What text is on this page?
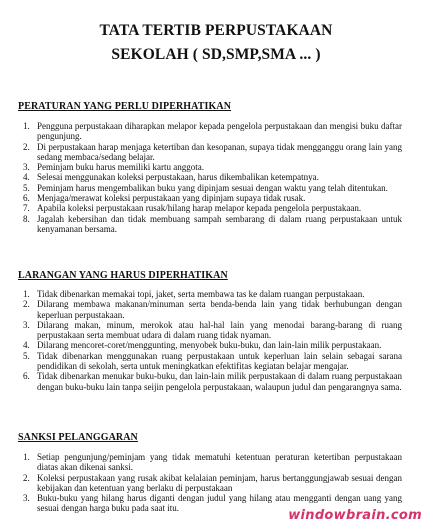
TATA TERTIB PERPUSTAKAAN
SEKOLAH ( SD,SMP,SMA ... )
PERATURAN YANG PERLU DIPERHATIKAN
1. Pengguna perpustakaan diharapkan melapor kepada pengelola perpustakaan dan mengisi buku daftar pengunjung.
2. Di perpustakaan harap menjaga ketertiban dan kesopanan, supaya tidak mengganggu orang lain yang sedang membaca/sedang belajar.
3. Peminjam buku harus memiliki kartu anggota.
4. Selesai menggunakan koleksi perpustakaan, harus dikembalikan ketempatnya.
5. Peminjam harus mengembalikan buku yang dipinjam sesuai dengan waktu yang telah ditentukan.
6. Menjaga/merawat koleksi perpustakaan yang dipinjam supaya tidak rusak.
7. Apabila koleksi perpustakaan rusak/hilang harap melapor kepada pengelola perpustakaan.
8. Jagalah kebersihan dan tidak membuang sampah sembarang di dalam ruang perpustakaan untuk kenyamanan bersama.
LARANGAN YANG HARUS DIPERHATIKAN
1. Tidak dibenarkan memakai topi, jaket, serta membawa tas ke dalam ruangan perpustakaan.
2. Dilarang membawa makanan/minuman serta benda-benda lain yang tidak berhubungan dengan keperluan perpustakaan.
3. Dilarang makan, minum, merokok atau hal-hal lain yang menodai barang-barang di ruang perpustakaan serta membuat udara di dalam ruang tidak nyaman.
4. Dilarang mencoret-coret/menggunting, menyobek buku-buku, dan lain-lain milik perpustakaan.
5. Tidak dibenarkan menggunakan ruang perpustakaan untuk keperluan lain selain sebagai sarana pendidikan di sekolah, serta untuk meningkatkan efektifitas kegiatan belajar mengajar.
6. Tidak dibenarkan menukar buku-buku, dan lain-lain milik perpustakaan di dalam ruang perpustakaan dengan buku-buku lain tanpa seijin pengelola perpustakaan, walaupun judul dan pengarangnya sama.
SANKSI PELANGGARAN
1. Setiap pengunjung/peminjam yang tidak mematuhi ketentuan peraturan ketertiban perpustakaan diatas akan dikenai sanksi.
2. Koleksi perpustakaan yang rusak akibat kelalaian peminjam, harus bertanggungjawab sesuai dengan kebijakan dan ketentuan yang berlaku di perpustakaan
3. Buku-buku yang hilang harus diganti dengan judul yang hilang atau mengganti dengan uang yang sesuai dengan harga buku pada saat itu.	windowbrain.com
